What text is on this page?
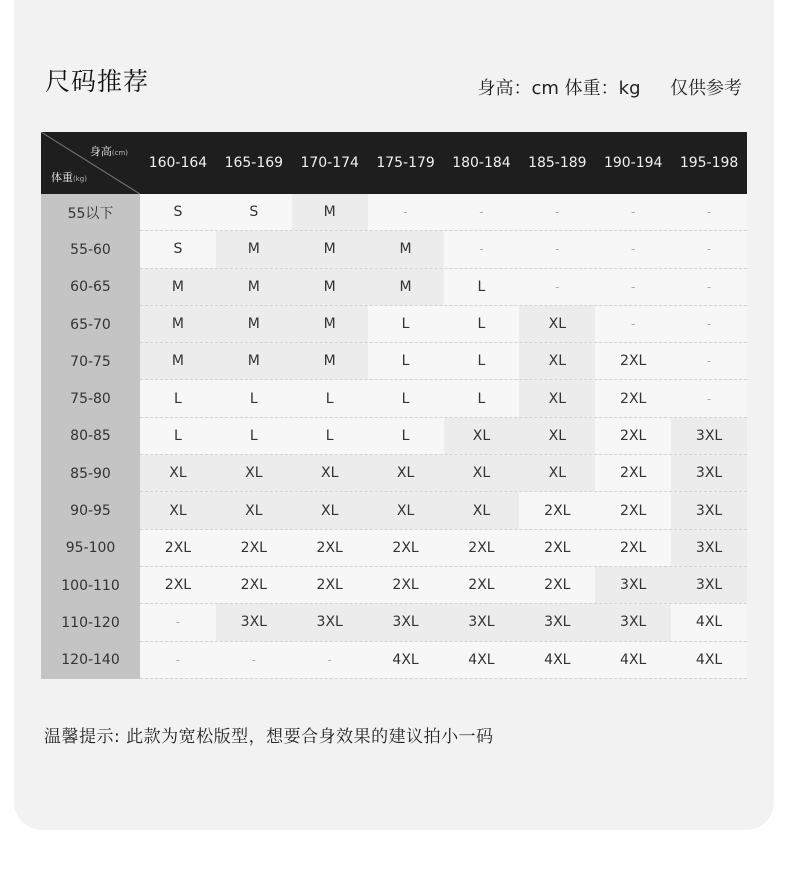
尺码推荐	身高：cm 体重：kg 仅供参考
身高(cm)
体重(kg)
160-164	165-169	170-174	175-179	180-184	185-189	190-194	195-198
55以下	S	S	M	-	-	-	-	-
55-60	S	M	M	M	-	-	-	-
60-65	M	M	M	M	L	-	-	-
65-70	M	M	M	L	L	XL	-	-
70-75	M	M	M	L	L	XL	2XL	-
75-80	L	L	L	L	L	XL	2XL	-
80-85	L	L	L	L	XL	XL	2XL	3XL
85-90	XL	XL	XL	XL	XL	XL	2XL	3XL
90-95	XL	XL	XL	XL	XL	2XL	2XL	3XL
95-100	2XL	2XL	2XL	2XL	2XL	2XL	2XL	3XL
100-110	2XL	2XL	2XL	2XL	2XL	2XL	3XL	3XL
110-120	-	3XL	3XL	3XL	3XL	3XL	3XL	4XL
120-140	-	-	-	4XL	4XL	4XL	4XL	4XL
温馨提示: 此款为宽松版型，想要合身效果的建议拍小一码
